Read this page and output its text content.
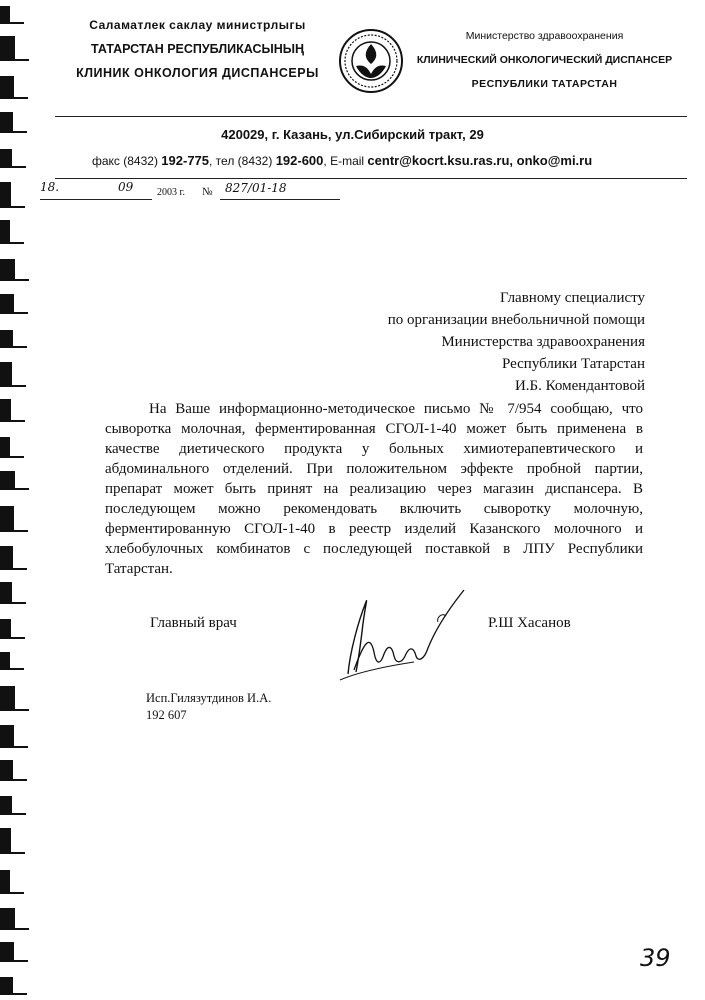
Саламатлек саклау министрлыгы
ТАТАРСТАН РЕСПУБЛИКАСЫНЫҢ
КЛИНИК ОНКОЛОГИЯ ДИСПАНСЕРЫ
Министерство здравоохранения
КЛИНИЧЕСКИЙ ОНКОЛОГИЧЕСКИЙ ДИСПАНСЕР
РЕСПУБЛИКИ ТАТАРСТАН
420029, г. Казань, ул.Сибирский тракт, 29
факс (8432) 192-775, тел (8432) 192-600, E-mail centr@kocrt.ksu.ras.ru, onko@mi.ru
18.	09 2003 г. № 827/01-18
Главному специалисту
по организации внебольничной помощи
Министерства здравоохранения
Республики Татарстан
И.Б. Комендантовой

На Ваше информационно-методическое письмо № 7/954 сообщаю, что сыворотка молочная, ферментированная СГОЛ-1-40 может быть применена в качестве диетического продукта у больных химиотерапевтического и абдоминального отделений. При положительном эффекте пробной партии, препарат может быть принят на реализацию через магазин диспансера. В последующем можно рекомендовать включить сыворотку молочную, ферментированную СГОЛ-1-40 в реестр изделий Казанского молочного и хлебобулочных комбинатов с последующей поставкой в ЛПУ Республики Татарстан.

Главный врач	Р.Ш Хасанов
Исп.Гилязутдинов И.А.
192 607
39
